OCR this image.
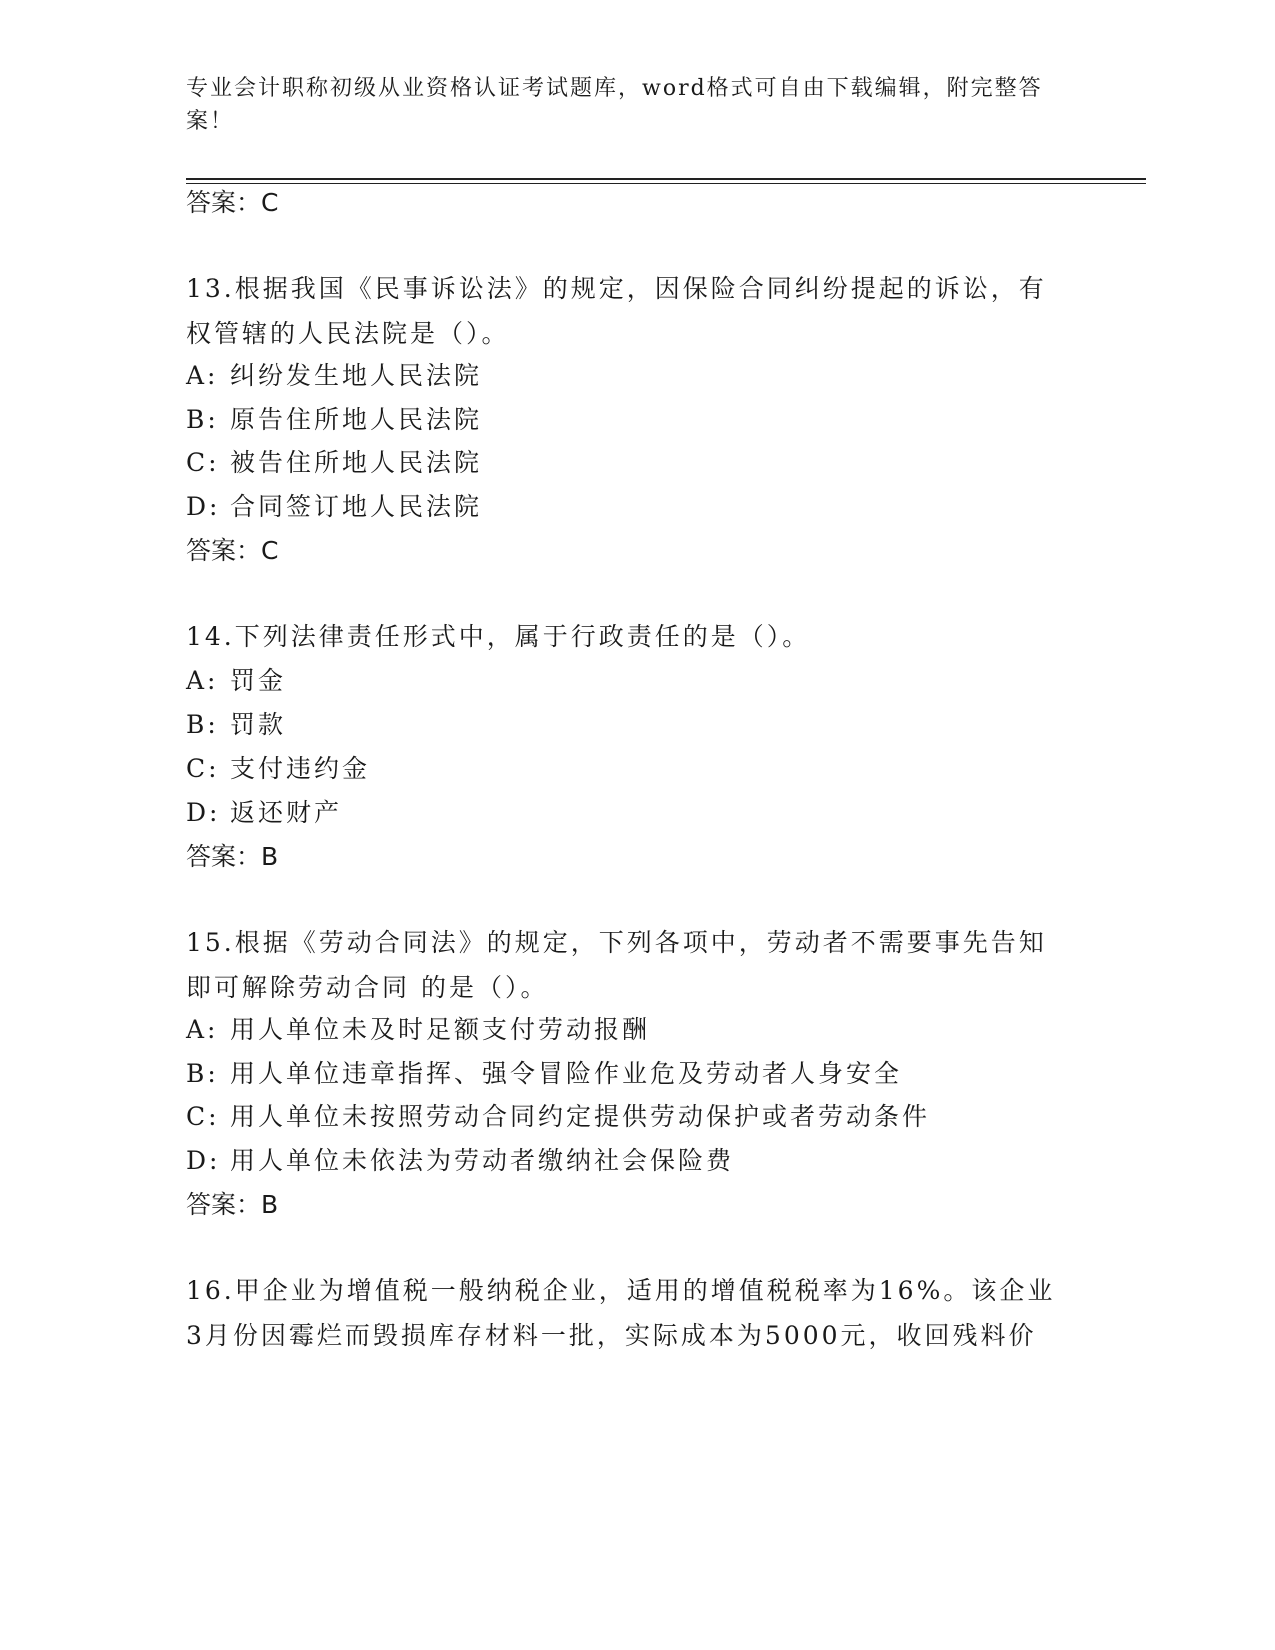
专业会计职称初级从业资格认证考试题库，word格式可自由下载编辑，附完整答案！
答案：C
13.根据我国《民事诉讼法》的规定，因保险合同纠纷提起的诉讼，有权管辖的人民法院是（）。
A: 纠纷发生地人民法院
B: 原告住所地人民法院
C: 被告住所地人民法院
D: 合同签订地人民法院
答案：C
14.下列法律责任形式中，属于行政责任的是（）。
A: 罚金
B: 罚款
C: 支付违约金
D: 返还财产
答案：B
15.根据《劳动合同法》的规定，下列各项中，劳动者不需要事先告知即可解除劳动合同 的是（）。
A: 用人单位未及时足额支付劳动报酬
B: 用人单位违章指挥、强令冒险作业危及劳动者人身安全
C: 用人单位未按照劳动合同约定提供劳动保护或者劳动条件
D: 用人单位未依法为劳动者缴纳社会保险费
答案：B
16.甲企业为增值税一般纳税企业，适用的增值税税率为16%。该企业3月份因霉烂而毁损库存材料一批，实际成本为5000元，收回残料价
